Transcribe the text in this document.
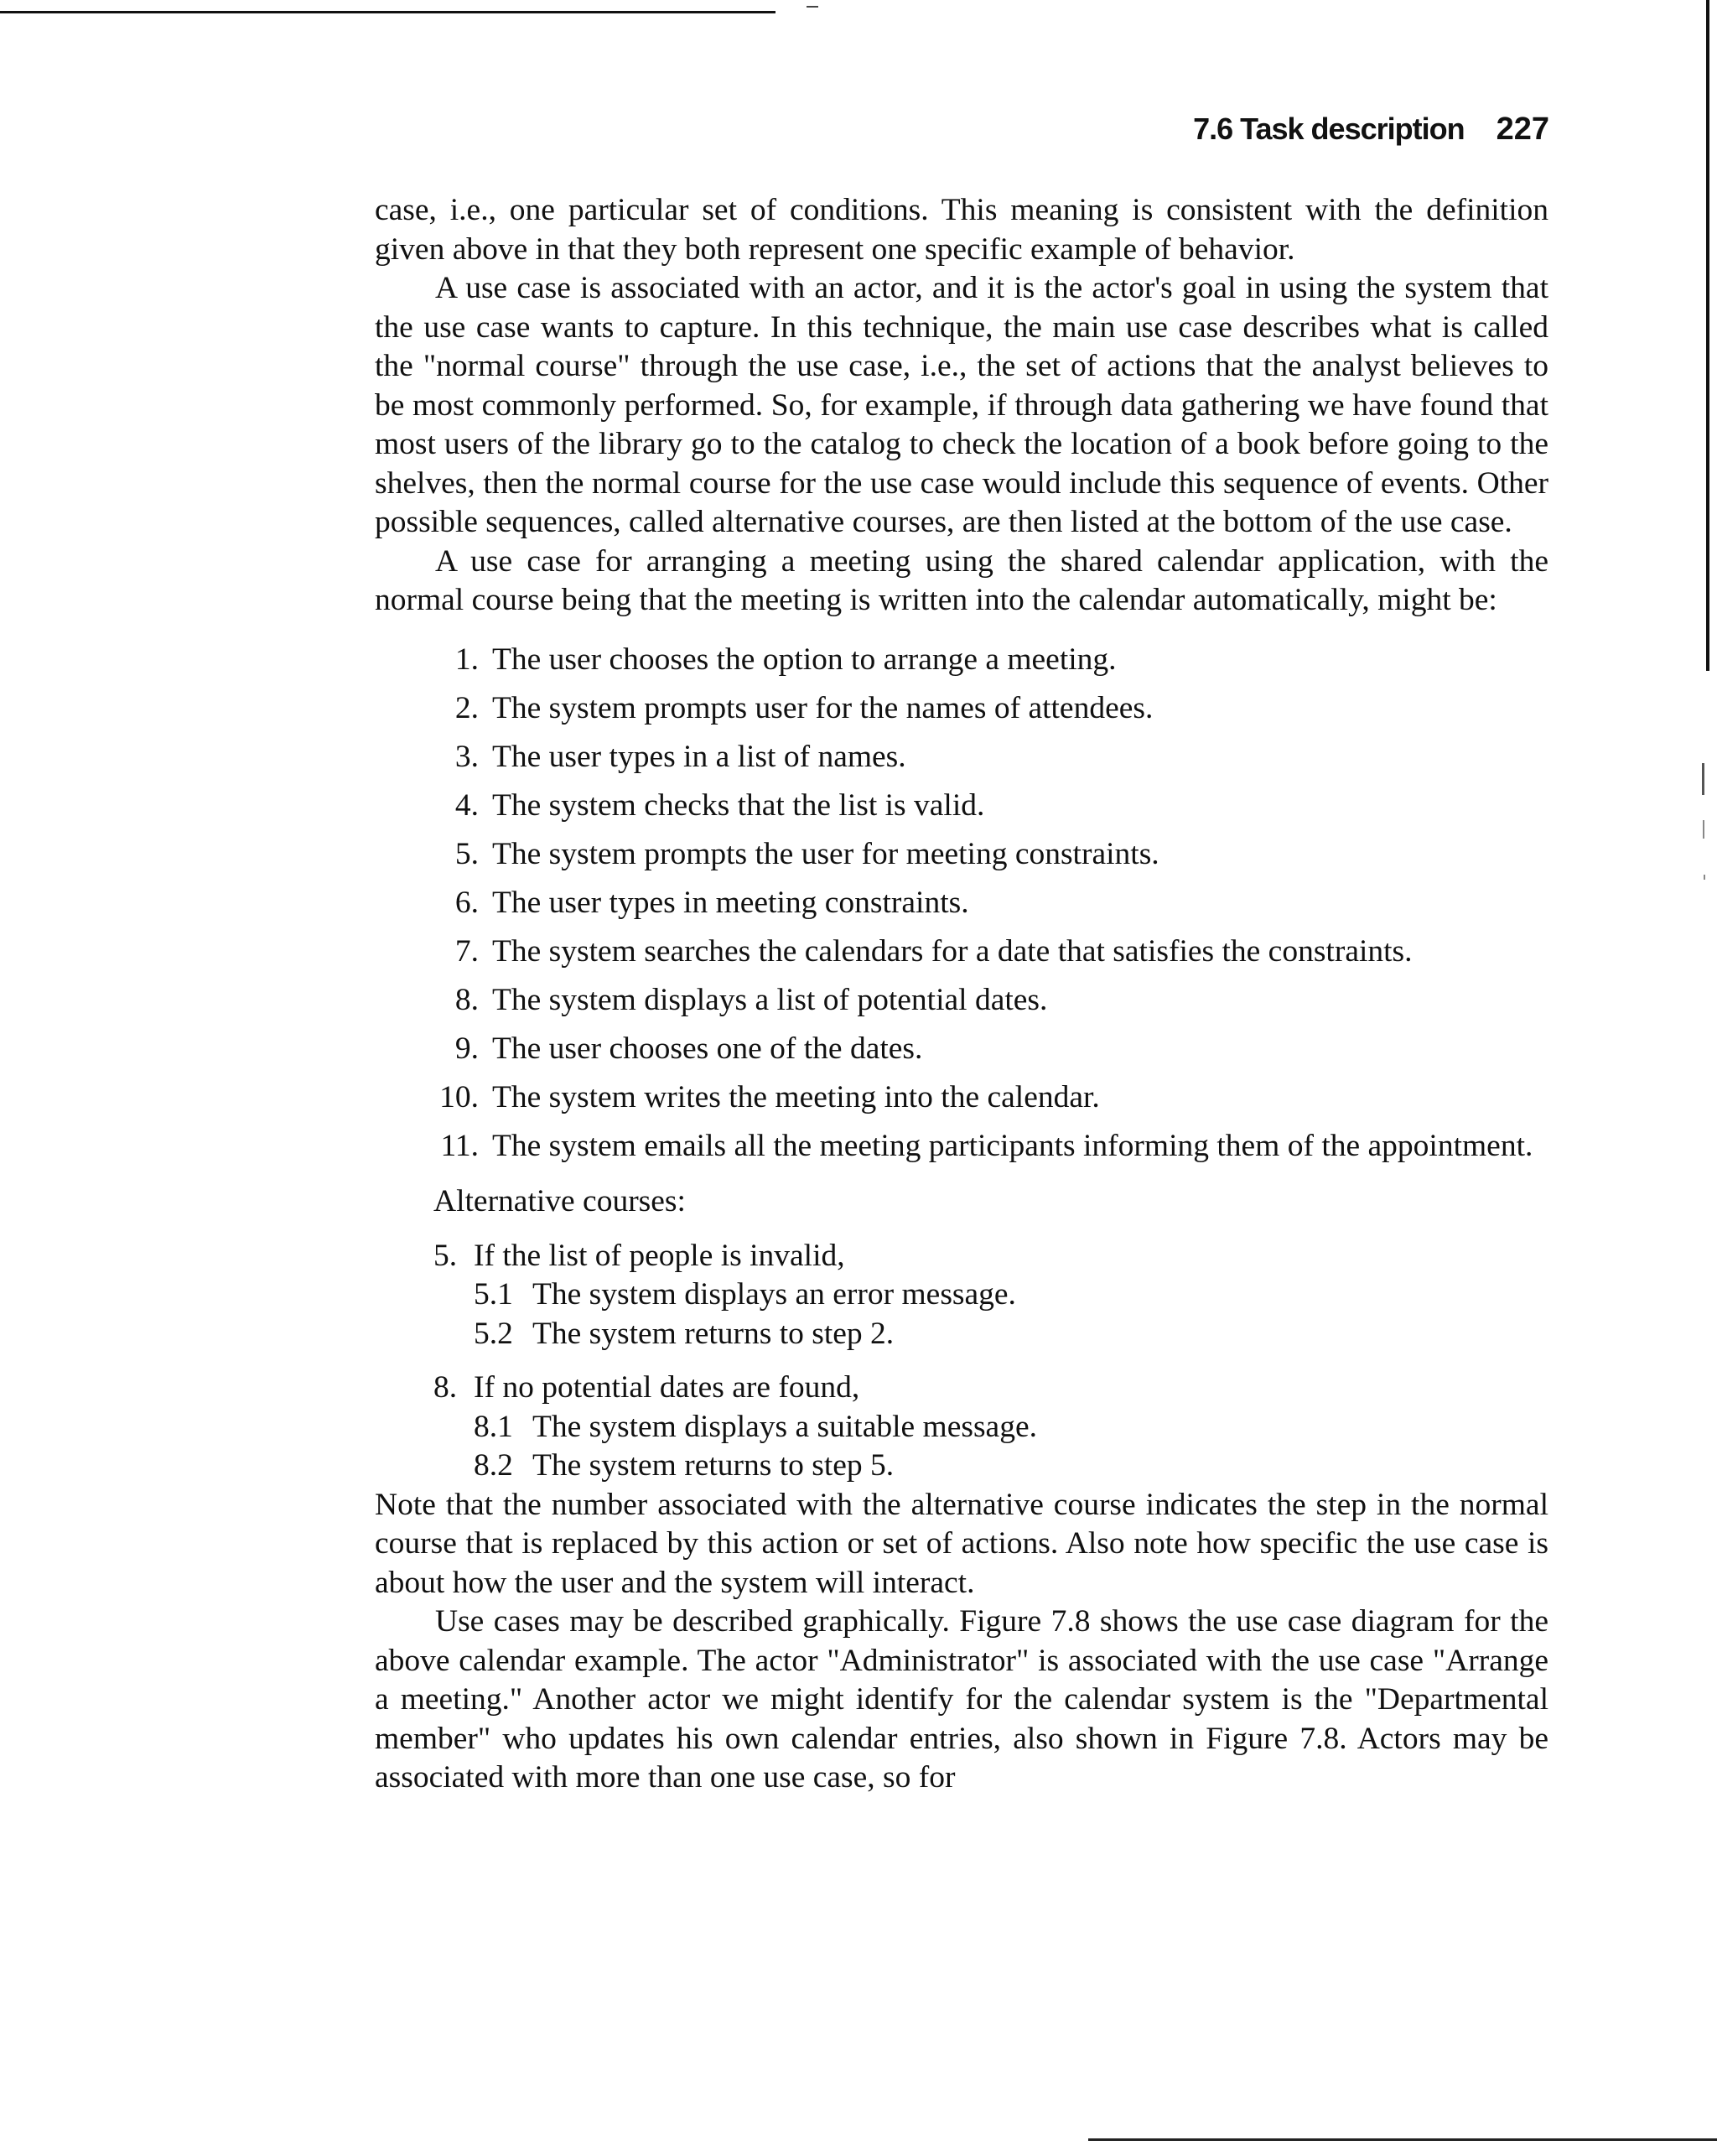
7.6 Task description 227

case, i.e., one particular set of conditions. This meaning is consistent with the definition given above in that they both represent one specific example of behavior.

A use case is associated with an actor, and it is the actor's goal in using the system that the use case wants to capture. In this technique, the main use case describes what is called the "normal course" through the use case, i.e., the set of actions that the analyst believes to be most commonly performed. So, for example, if through data gathering we have found that most users of the library go to the catalog to check the location of a book before going to the shelves, then the normal course for the use case would include this sequence of events. Other possible sequences, called alternative courses, are then listed at the bottom of the use case.

A use case for arranging a meeting using the shared calendar application, with the normal course being that the meeting is written into the calendar automatically, might be:

1. The user chooses the option to arrange a meeting.
2. The system prompts user for the names of attendees.
3. The user types in a list of names.
4. The system checks that the list is valid.
5. The system prompts the user for meeting constraints.
6. The user types in meeting constraints.
7. The system searches the calendars for a date that satisfies the constraints.
8. The system displays a list of potential dates.
9. The user chooses one of the dates.
10. The system writes the meeting into the calendar.
11. The system emails all the meeting participants informing them of the appointment.
Alternative courses:
5. If the list of people is invalid,
5.1 The system displays an error message.
5.2 The system returns to step 2.
8. If no potential dates are found,
8.1 The system displays a suitable message.
8.2 The system returns to step 5.

Note that the number associated with the alternative course indicates the step in the normal course that is replaced by this action or set of actions. Also note how specific the use case is about how the user and the system will interact.

Use cases may be described graphically. Figure 7.8 shows the use case diagram for the above calendar example. The actor "Administrator" is associated with the use case "Arrange a meeting." Another actor we might identify for the calendar system is the "Departmental member" who updates his own calendar entries, also shown in Figure 7.8. Actors may be associated with more than one use case, so for
